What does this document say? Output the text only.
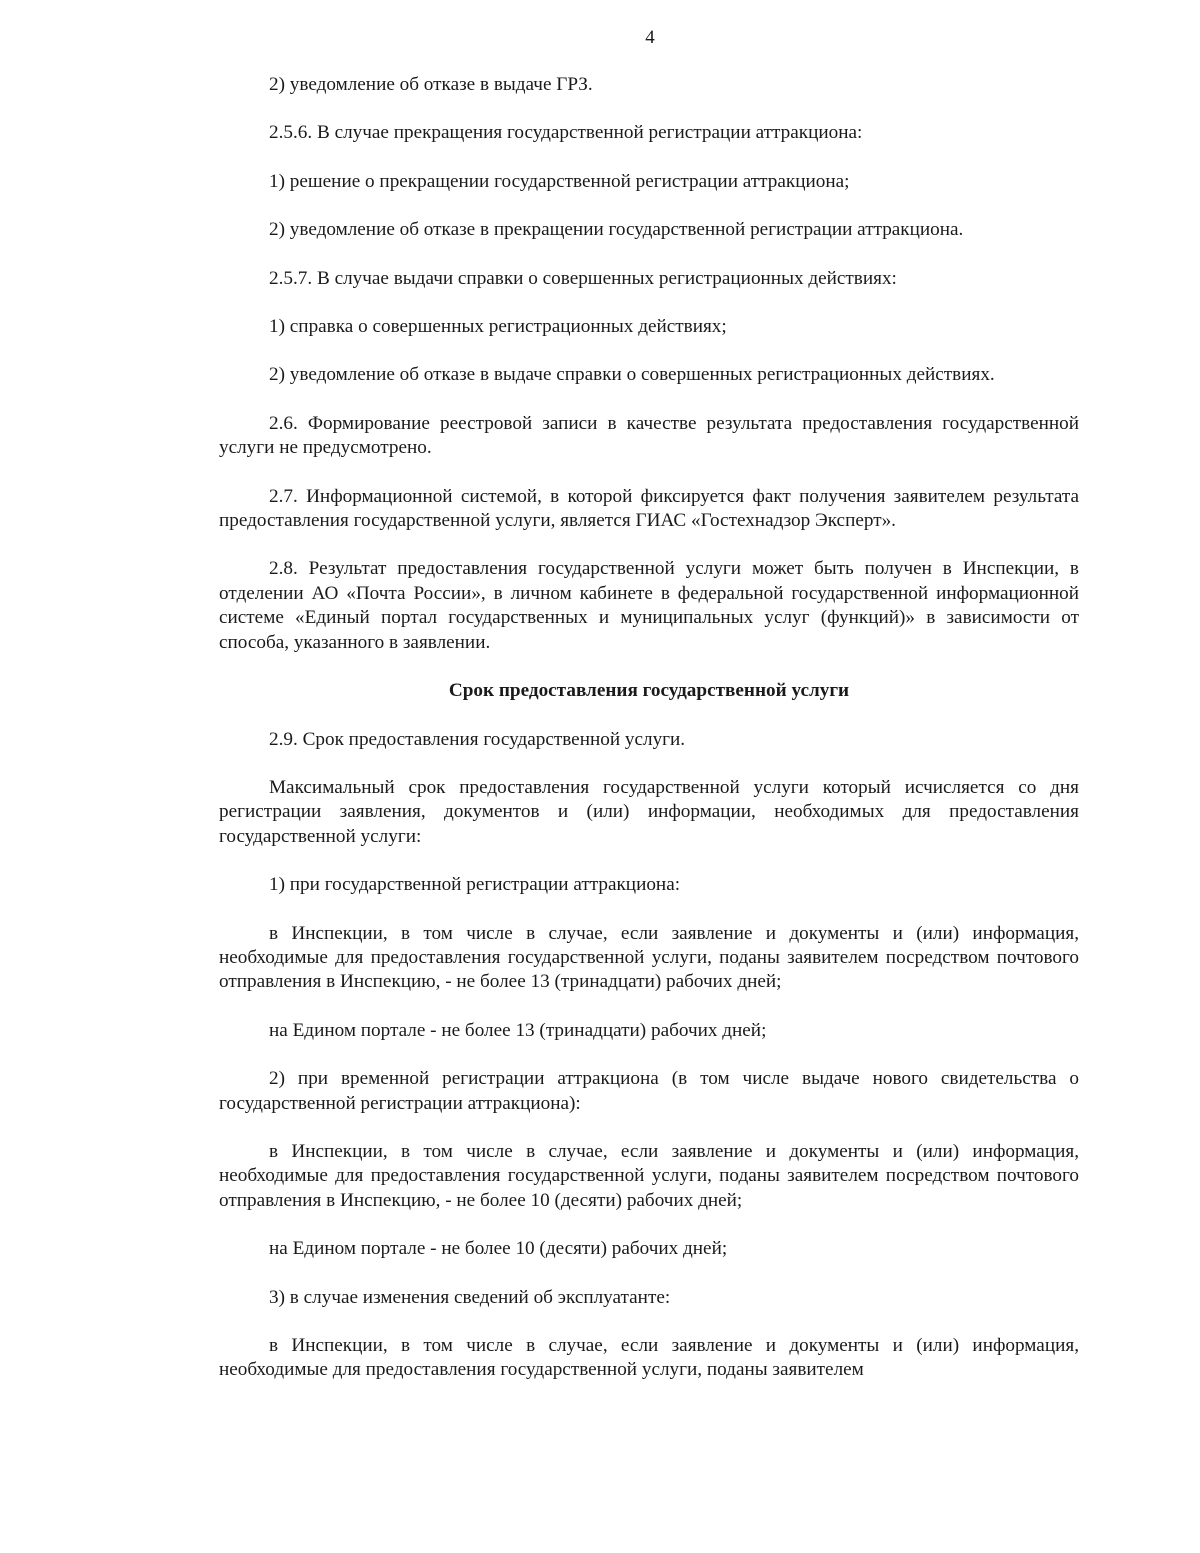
4

2) уведомление об отказе в выдаче ГРЗ.

2.5.6. В случае прекращения государственной регистрации аттракциона:

1) решение о прекращении государственной регистрации аттракциона;

2) уведомление об отказе в прекращении государственной регистрации аттракциона.

2.5.7. В случае выдачи справки о совершенных регистрационных действиях:

1) справка о совершенных регистрационных действиях;

2) уведомление об отказе в выдаче справки о совершенных регистрационных действиях.

2.6. Формирование реестровой записи в качестве результата предоставления государственной услуги не предусмотрено.

2.7. Информационной системой, в которой фиксируется факт получения заявителем результата предоставления государственной услуги, является ГИАС «Гостехнадзор Эксперт».

2.8. Результат предоставления государственной услуги может быть получен в Инспекции, в отделении АО «Почта России», в личном кабинете в федеральной государственной информационной системе «Единый портал государственных и муниципальных услуг (функций)» в зависимости от способа, указанного в заявлении.

Срок предоставления государственной услуги

2.9. Срок предоставления государственной услуги.

Максимальный срок предоставления государственной услуги который исчисляется со дня регистрации заявления, документов и (или) информации, необходимых для предоставления государственной услуги:

1) при государственной регистрации аттракциона:

в Инспекции, в том числе в случае, если заявление и документы и (или) информация, необходимые для предоставления государственной услуги, поданы заявителем посредством почтового отправления в Инспекцию, - не более 13 (тринадцати) рабочих дней;

на Едином портале - не более 13 (тринадцати) рабочих дней;

2) при временной регистрации аттракциона (в том числе выдаче нового свидетельства о государственной регистрации аттракциона):

в Инспекции, в том числе в случае, если заявление и документы и (или) информация, необходимые для предоставления государственной услуги, поданы заявителем посредством почтового отправления в Инспекцию, - не более 10 (десяти) рабочих дней;

на Едином портале - не более 10 (десяти) рабочих дней;

3) в случае изменения сведений об эксплуатанте:

в Инспекции, в том числе в случае, если заявление и документы и (или) информация, необходимые для предоставления государственной услуги, поданы заявителем
